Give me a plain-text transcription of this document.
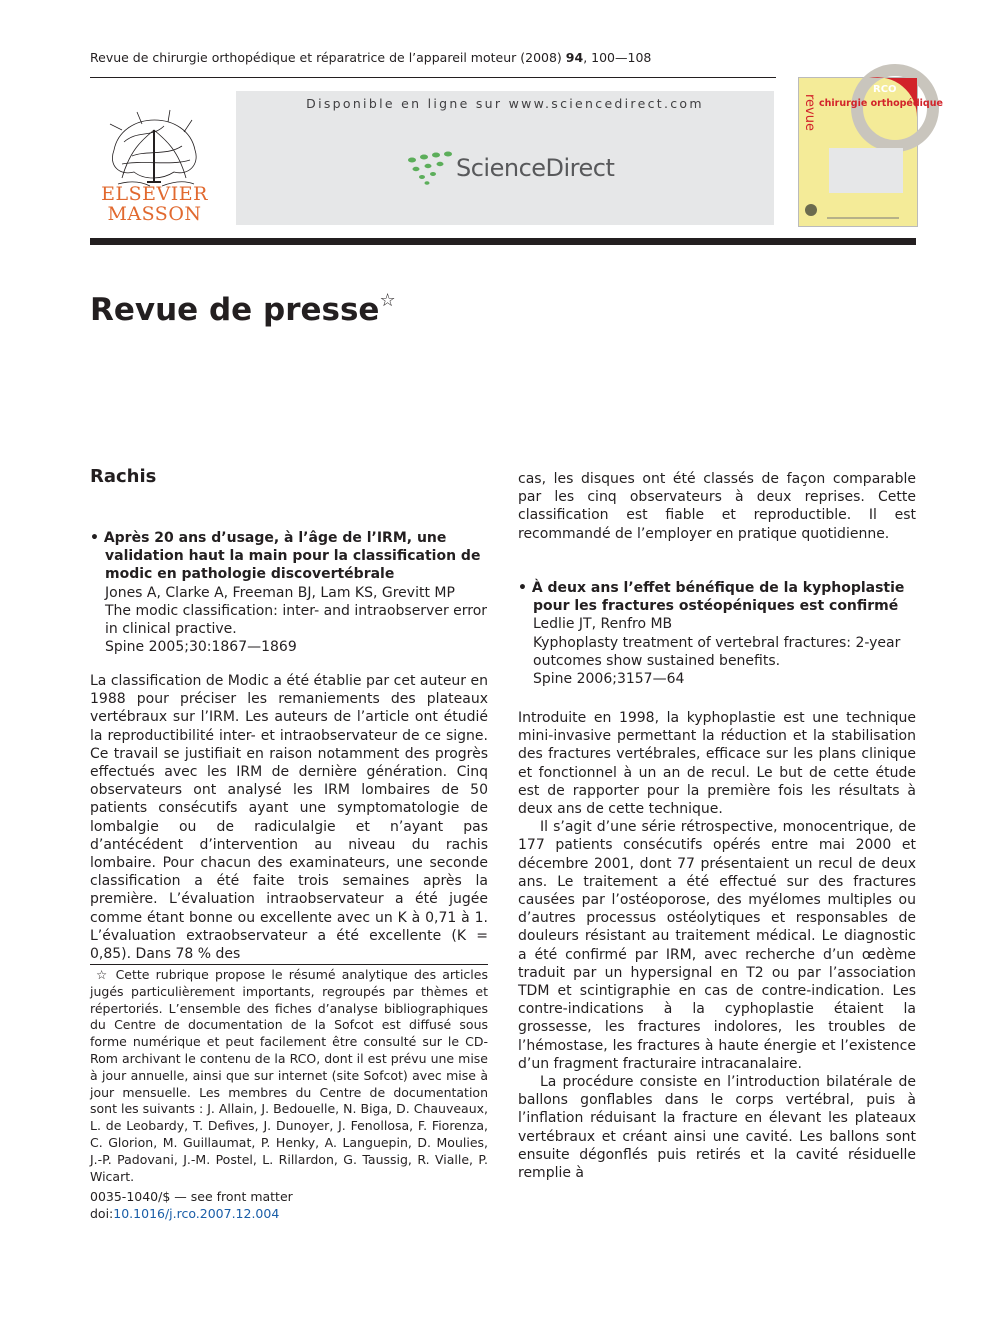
Revue de chirurgie orthopédique et réparatrice de l’appareil moteur (2008) 94, 100—108
ELSEVIER
MASSON
Disponible en ligne sur www.sciencedirect.com
ScienceDirect
revue chirurgie orthopédique
RCO
Revue de presse☆
Rachis

• Après 20 ans d’usage, à l’âge de l’IRM, une validation haut la main pour la classification de modic en pathologie discovertébrale

Jones A, Clarke A, Freeman BJ, Lam KS, Grevitt MP

The modic classification: inter- and intraobserver error in clinical practive.

Spine 2005;30:1867—1869

La classification de Modic a été établie par cet auteur en 1988 pour préciser les remaniements des plateaux vertébraux sur l’IRM. Les auteurs de l’article ont étudié la reproductibilité inter- et intraobservateur de ce signe. Ce travail se justifiait en raison notamment des progrès effectués avec les IRM de dernière génération. Cinq observateurs ont analysé les IRM lombaires de 50 patients consécutifs ayant une symptomatologie de lombalgie ou de radiculalgie et n’ayant pas d’antécédent d’intervention au niveau du rachis lombaire. Pour chacun des examinateurs, une seconde classification a été faite trois semaines après la première. L’évaluation intraobservateur a été jugée comme étant bonne ou excellente avec un K à 0,71 à 1. L’évaluation extraobservateur a été excellente (K = 0,85). Dans 78 % des

☆ Cette rubrique propose le résumé analytique des articles jugés particulièrement importants, regroupés par thèmes et répertoriés. L’ensemble des fiches d’analyse bibliographiques du Centre de documentation de la Sofcot est diffusé sous forme numérique et peut facilement être consulté sur le CD-Rom archivant le contenu de la RCO, dont il est prévu une mise à jour annuelle, ainsi que sur internet (site Sofcot) avec mise à jour mensuelle. Les membres du Centre de documentation sont les suivants : J. Allain, J. Bedouelle, N. Biga, D. Chauveaux, L. de Leobardy, T. Defives, J. Dunoyer, J. Fenollosa, F. Fiorenza, C. Glorion, M. Guillaumat, P. Henky, A. Languepin, D. Moulies, J.-P. Padovani, J.-M. Postel, L. Rillardon, G. Taussig, R. Vialle, P. Wicart.
0035-1040/$ — see front matter
doi:10.1016/j.rco.2007.12.004

cas, les disques ont été classés de façon comparable par les cinq observateurs à deux reprises. Cette classification est fiable et reproductible. Il est recommandé de l’employer en pratique quotidienne.

• À deux ans l’effet bénéfique de la kyphoplastie pour les fractures ostéopéniques est confirmé

Ledlie JT, Renfro MB

Kyphoplasty treatment of vertebral fractures: 2-year outcomes show sustained benefits.

Spine 2006;3157—64

Introduite en 1998, la kyphoplastie est une technique mini-invasive permettant la réduction et la stabilisation des fractures vertébrales, efficace sur les plans clinique et fonctionnel à un an de recul. Le but de cette étude est de rapporter pour la première fois les résultats à deux ans de cette technique.

Il s’agit d’une série rétrospective, monocentrique, de 177 patients consécutifs opérés entre mai 2000 et décembre 2001, dont 77 présentaient un recul de deux ans. Le traitement a été effectué sur des fractures causées par l’ostéoporose, des myélomes multiples ou d’autres processus ostéolytiques et responsables de douleurs résistant au traitement médical. Le diagnostic a été confirmé par IRM, avec recherche d’un œdème traduit par un hypersignal en T2 ou par l’association TDM et scintigraphie en cas de contre-indication. Les contre-indications à la cyphoplastie étaient la grossesse, les fractures indolores, les troubles de l’hémostase, les fractures à haute énergie et l’existence d’un fragment fracturaire intracanalaire.

La procédure consiste en l’introduction bilatérale de ballons gonflables dans le corps vertébral, puis à l’inflation réduisant la fracture en élevant les plateaux vertébraux et créant ainsi une cavité. Les ballons sont ensuite dégonflés puis retirés et la cavité résiduelle remplie à
